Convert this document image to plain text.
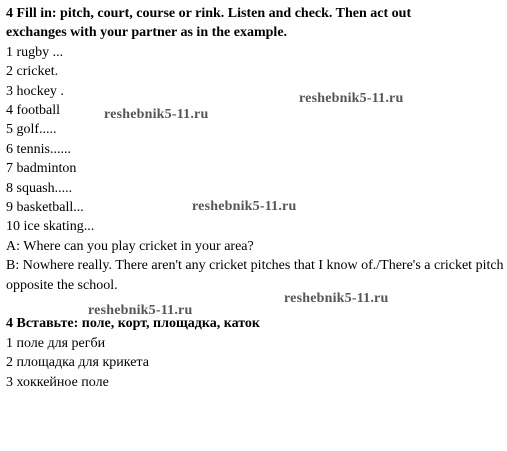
4 Fill in: pitch, court, course or rink. Listen and check. Then act out
exchanges with your partner as in the example.
1 rugby ...
2 cricket.
3 hockey .
4 football
5 golf.....
6 tennis......
7 badminton
8 squash.....
9 basketball...
10 ice skating...
A: Where can you play cricket in your area?
B: Nowhere really. There aren't any cricket pitches that I know of./There's a cricket pitch opposite the school.
4 Вставьте: поле, корт, площадка, каток
1 поле для регби
2 площадка для крикета
3 хоккейное поле
reshebnik5-11.ru
reshebnik5-11.ru
reshebnik5-11.ru
reshebnik5-11.ru
reshebnik5-11.ru
